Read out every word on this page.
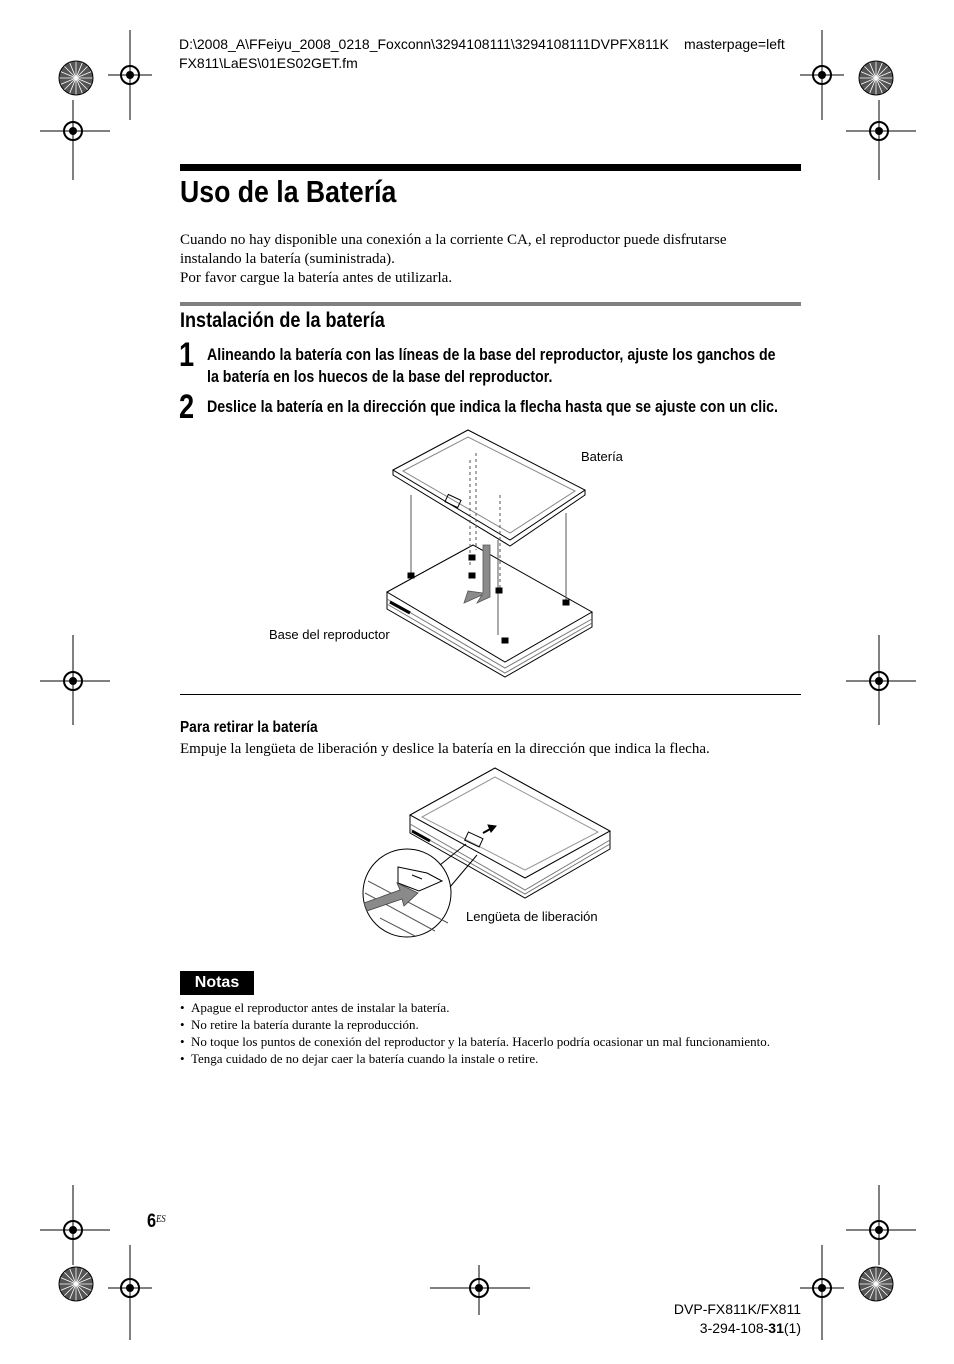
D:\2008_A\FFeiyu_2008_0218_Foxconn\3294108111\3294108111DVPFX811K
FX811\LaES\01ES02GET.fm
masterpage=left
Uso de la Batería
Cuando no hay disponible una conexión a la corriente CA, el reproductor puede disfrutarse
instalando la batería (suministrada).
Por favor cargue la batería antes de utilizarla.
Instalación de la batería
1 Alineando la batería con las líneas de la base del reproductor, ajuste los ganchos de
la batería en los huecos de la base del reproductor.
2 Deslice la batería en la dirección que indica la flecha hasta que se ajuste con un clic.
Batería
Base del reproductor
Para retirar la batería
Empuje la lengüeta de liberación y deslice la batería en la dirección que indica la flecha.
Lengüeta de liberación
Notas
• Apague el reproductor antes de instalar la batería.
• No retire la batería durante la reproducción.
• No toque los puntos de conexión del reproductor y la batería. Hacerlo podría ocasionar un mal funcionamiento.
• Tenga cuidado de no dejar caer la batería cuando la instale o retire.
$6^{ES}$
DVP-FX811K/FX811
3-294-108-31(1)
